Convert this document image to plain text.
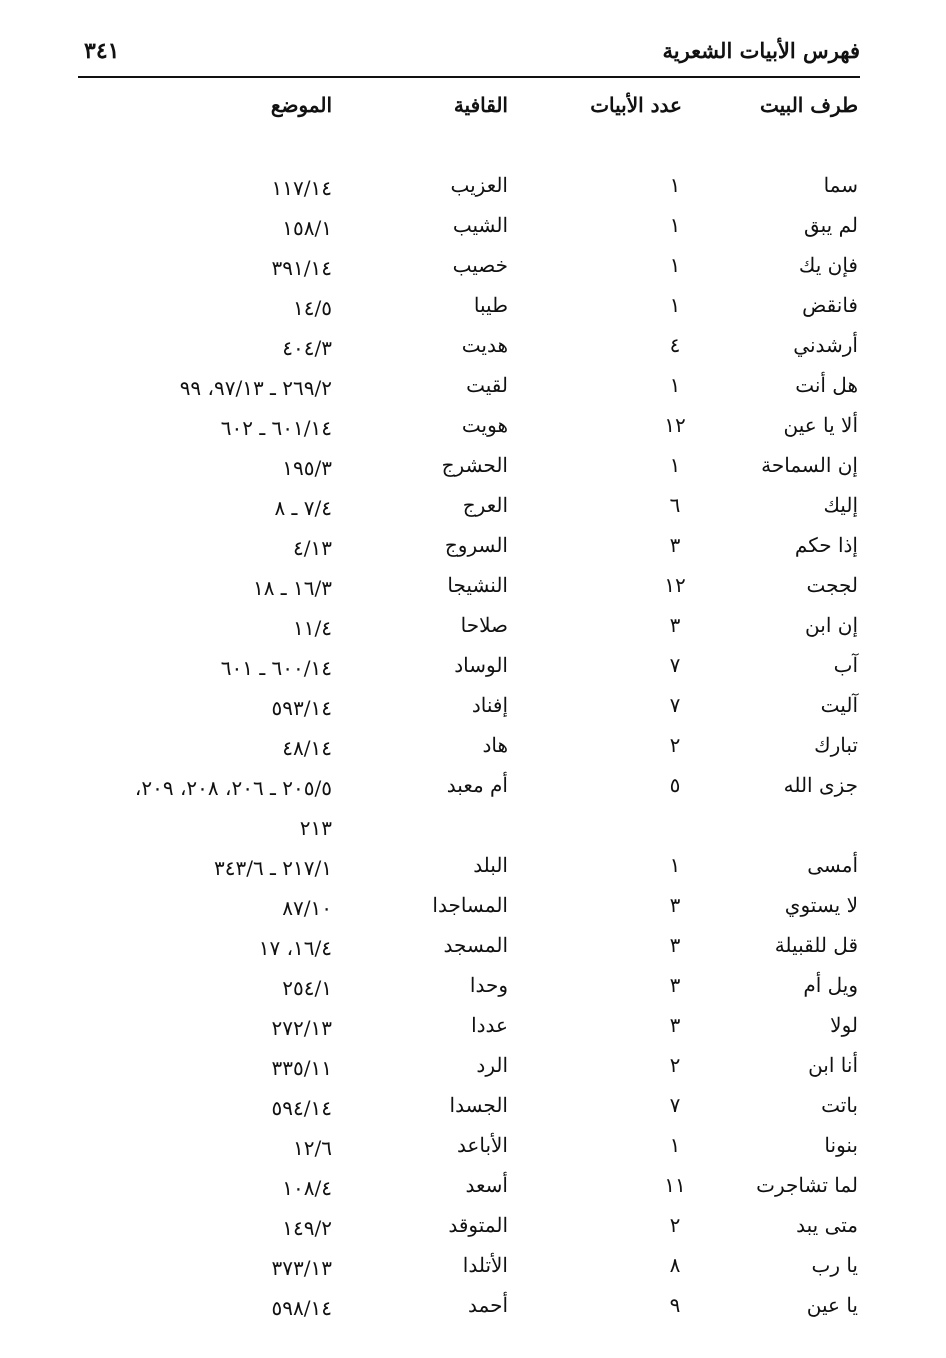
فهرس الأبيات الشعرية
٣٤١
طرف البيت
عدد الأبيات
القافية
الموضع
سما
١
العزيب
١١٧/١٤
لم يبق
١
الشيب
١٥٨/١
فإن يك
١
خصيب
٣٩١/١٤
فانقض
١
طيبا
١٤/٥
أرشدني
٤
هديت
٤٠٤/٣
هل أنت
١
لقيت
٢٦٩/٢ ـ ٩٧/١٣، ٩٩
ألا يا عين
١٢
هويت
٦٠١/١٤ ـ ٦٠٢
إن السماحة
١
الحشرج
١٩٥/٣
إليك
٦
العرج
٧/٤ ـ ٨
إذا حكم
٣
السروج
٤/١٣
لججت
١٢
النشيجا
١٦/٣ ـ ١٨
إن ابن
٣
صلاحا
١١/٤
آب
٧
الوساد
٦٠٠/١٤ ـ ٦٠١
آليت
٧
إفناد
٥٩٣/١٤
تبارك
٢
هاد
٤٨/١٤
جزى الله
٥
أم معبد
٢٠٥/٥ ـ ٢٠٦، ٢٠٨، ٢٠٩، ٢١٣
أمسى
١
البلد
٢١٧/١ ـ ٣٤٣/٦
لا يستوي
٣
المساجدا
٨٧/١٠
قل للقبيلة
٣
المسجد
١٦/٤، ١٧
ويل أم
٣
وحدا
٢٥٤/١
لولا
٣
عددا
٢٧٢/١٣
أنا ابن
٢
الرد
٣٣٥/١١
باتت
٧
الجسدا
٥٩٤/١٤
بنونا
١
الأباعد
١٢/٦
لما تشاجرت
١١
أسعد
١٠٨/٤
متى يبد
٢
المتوقد
١٤٩/٢
يا رب
٨
الأتلدا
٣٧٣/١٣
يا عين
٩
أحمد
٥٩٨/١٤
